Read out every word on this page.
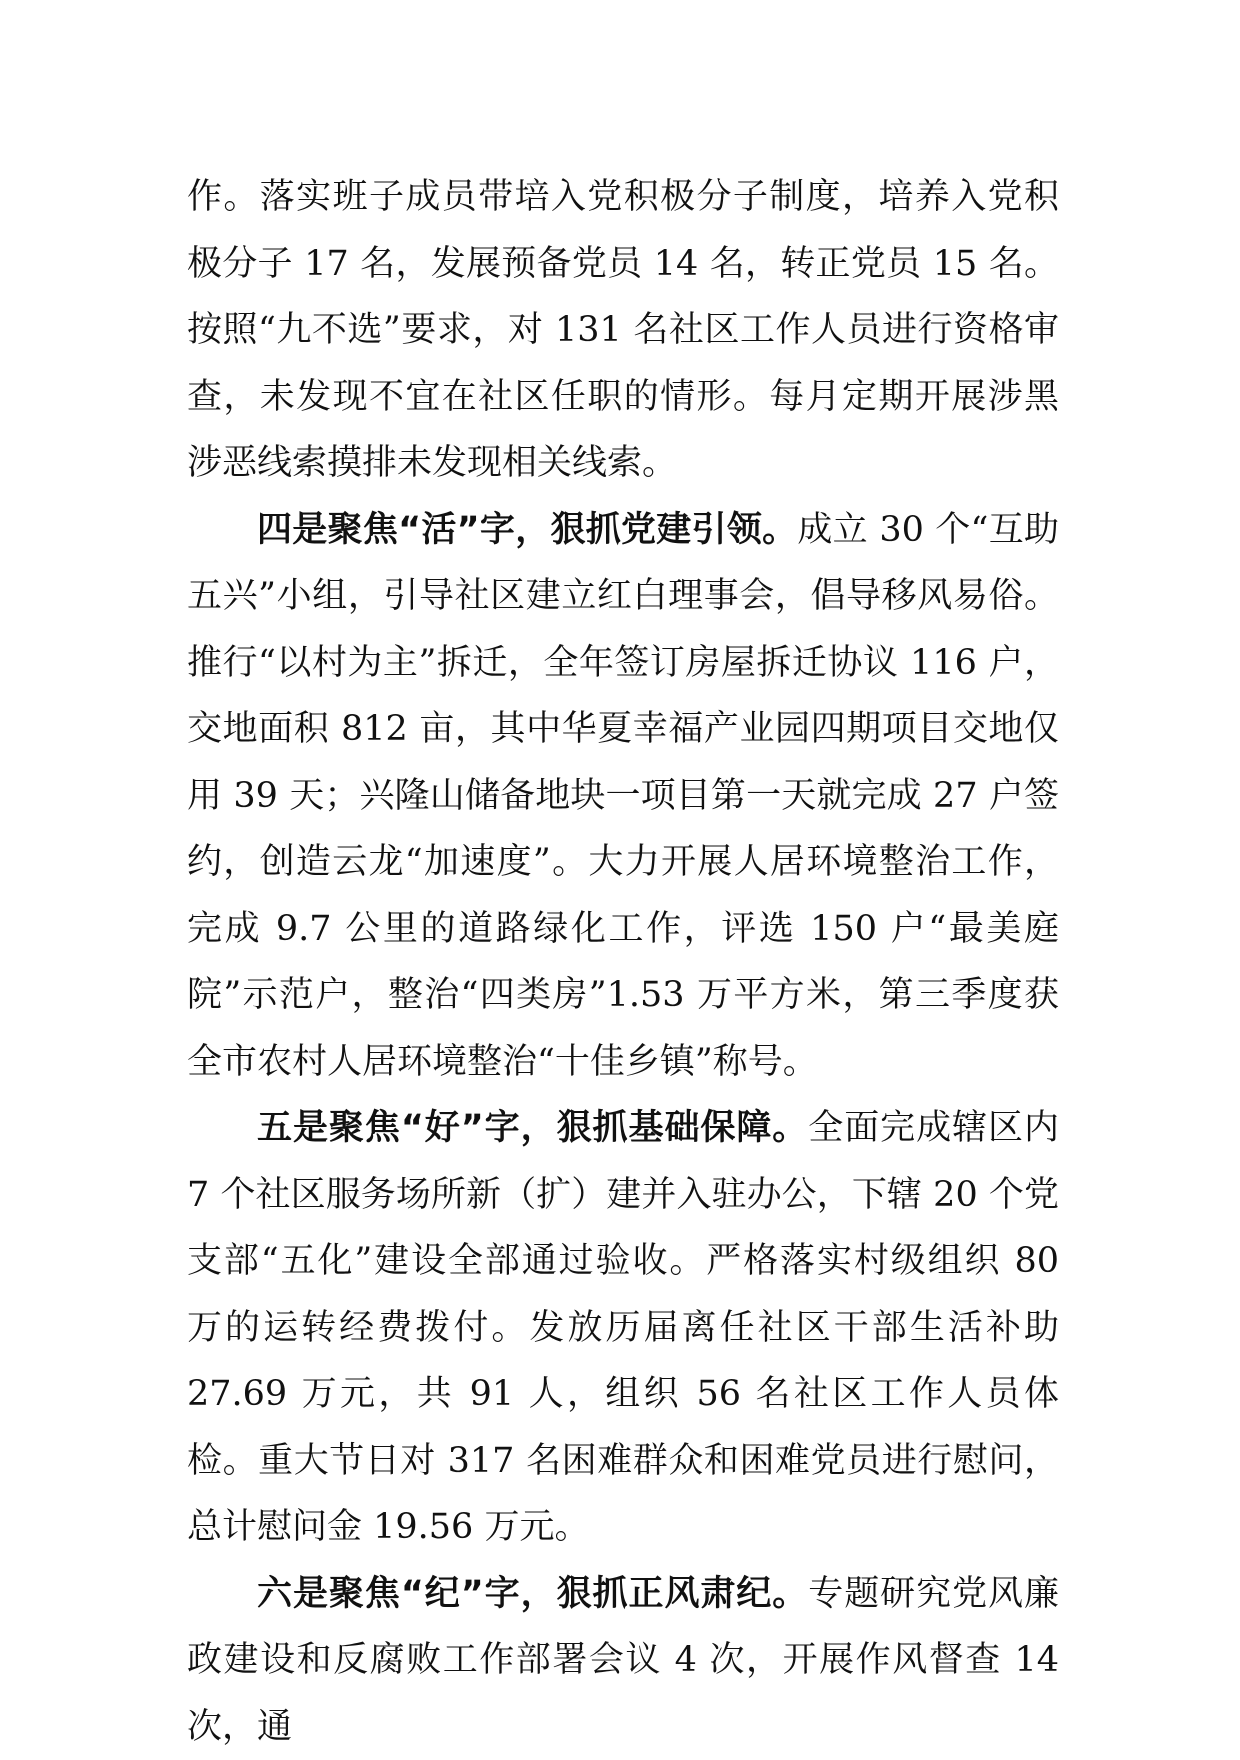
作。落实班子成员带培入党积极分子制度，培养入党积极分子 17 名，发展预备党员 14 名，转正党员 15 名。按照“九不选”要求，对 131 名社区工作人员进行资格审查，未发现不宜在社区任职的情形。每月定期开展涉黑涉恶线索摸排未发现相关线索。

四是聚焦“活”字，狠抓党建引领。成立 30 个“互助五兴”小组，引导社区建立红白理事会，倡导移风易俗。推行“以村为主”拆迁，全年签订房屋拆迁协议 116 户，交地面积 812 亩，其中华夏幸福产业园四期项目交地仅用 39 天；兴隆山储备地块一项目第一天就完成 27 户签约，创造云龙“加速度”。大力开展人居环境整治工作，完成 9.7 公里的道路绿化工作，评选 150 户“最美庭院”示范户，整治“四类房”1.53 万平方米，第三季度获全市农村人居环境整治“十佳乡镇”称号。

五是聚焦“好”字，狠抓基础保障。全面完成辖区内 7 个社区服务场所新（扩）建并入驻办公，下辖 20 个党支部“五化”建设全部通过验收。严格落实村级组织 80 万的运转经费拨付。发放历届离任社区干部生活补助 27.69 万元，共 91 人，组织 56 名社区工作人员体检。重大节日对 317 名困难群众和困难党员进行慰问，总计慰问金 19.56 万元。

六是聚焦“纪”字，狠抓正风肃纪。专题研究党风廉政建设和反腐败工作部署会议 4 次，开展作风督查 14 次，通
